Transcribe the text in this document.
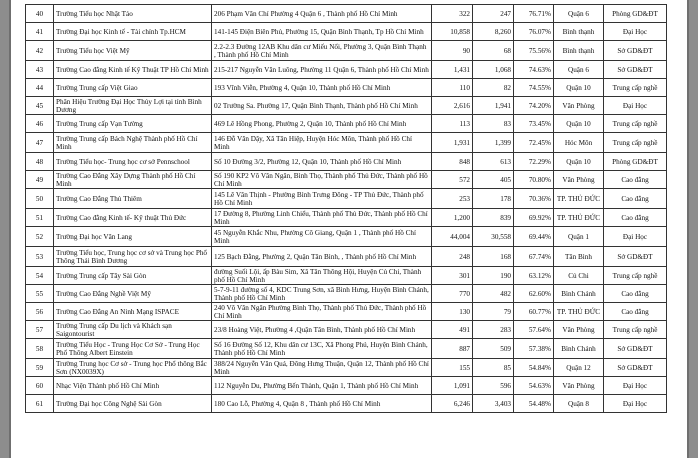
40	Trường Tiểu học Nhật Tảo	206 Phạm Văn Chí Phường 4 Quận 6 , Thành phố Hồ Chí Minh	322	247	76.71%	Quận 6	Phòng GD&ĐT

41	Trường Đại học Kinh tế - Tài chính Tp.HCM	141-145 Điện Biên Phủ, Phường 15, Quận Bình Thạnh, Tp Hồ Chí Minh	10,858	8,260	76.07%	Bình thạnh	Đại Học

42	Trường Tiểu học Việt Mỹ	2.2-2.3 Đường 12AB Khu dân cư Miếu Nổi, Phường 3, Quận Bình Thạnh , Thành phố Hồ Chí Minh	90	68	75.56%	Bình thạnh	Sở GD&ĐT

43	Trường Cao đẳng Kinh tế Kỹ Thuật TP Hồ Chí Minh	215-217 Nguyễn Văn Luông, Phường 11 Quận 6, Thành phố Hồ Chí Minh	1,431	1,068	74.63%	Quận 6	Sở GD&ĐT

44	Trường Trung cấp Việt Giao	193 Vĩnh Viễn, Phường 4, Quận 10, Thành phố Hồ Chí Minh	110	82	74.55%	Quận 10	Trung cấp nghề

45	Phân Hiệu Trường Đại Học Thủy Lợi tại tỉnh Bình Dương	02 Trường Sa. Phường 17, Quận Bình Thạnh, Thành phố Hồ Chí Minh	2,616	1,941	74.20%	Văn Phòng	Đại Học

46	Trường Trung cấp Vạn Tường	469 Lê Hồng Phong, Phường 2, Quận 10, Thành phố Hồ Chí Minh	113	83	73.45%	Quận 10	Trung cấp nghề

47	Trường Trung cấp Bách Nghệ Thành phố Hồ Chí Minh	146 Đỗ Văn Dậy, Xã Tân Hiệp, Huyện Hóc Môn, Thành phố Hồ Chí Minh	1,931	1,399	72.45%	Hóc Môn	Trung cấp nghề

48	Trường Tiểu học- Trung học cơ sở Pennschool	Số 10 Đường 3/2, Phường 12, Quận 10, Thành phố Hồ Chí Minh	848	613	72.29%	Quận 10	Phòng GD&ĐT

49	Trường Cao Đẳng Xây Dựng Thành phố Hồ Chí Minh	Số 190 KP2 Võ Văn Ngân, Bình Thọ, Thành phố Thủ Đức, Thành phố Hồ Chí Minh	572	405	70.80%	Văn Phòng	Cao đẳng

50	Trường Cao Đẳng Thủ Thiêm	145 Lê Văn Thịnh - Phường Bình Trưng Đông - TP Thủ Đức, Thành phố Hồ Chí Minh	253	178	70.36%	TP. THỦ ĐỨC	Cao đẳng

51	Trường Cao đẳng Kinh tế- Kỹ thuật Thủ Đức	17 Đường 8, Phường Linh Chiểu, Thành phố Thủ Đức, Thành phố Hồ Chí Minh	1,200	839	69.92%	TP. THỦ ĐỨC	Cao đẳng

52	Trường Đại học Văn Lang	45 Nguyễn Khắc Nhu, Phường Cô Giang, Quận 1 , Thành phố Hồ Chí Minh	44,004	30,558	69.44%	Quận 1	Đại Học

53	Trường Tiểu học, Trung học cơ sở và Trung học Phổ Thông Thái Bình Dương	125 Bạch Đằng, Phường 2, Quận Tân Bình, , Thành phố Hồ Chí Minh	248	168	67.74%	Tân Bình	Sở GD&ĐT

54	Trường Trung cấp Tây Sài Gòn	đường Suối Lội, ấp Bàu Sim, Xã Tân Thông Hội, Huyện Củ Chi, Thành phố Hồ Chí Minh	301	190	63.12%	Củ Chi	Trung cấp nghề

55	Trường Cao Đẳng Nghề Việt Mỹ	5-7-9-11 đường số 4, KDC Trung Sơn, xã Bình Hưng, Huyện Bình Chánh, Thành phố Hồ Chí Minh	770	482	62.60%	Bình Chánh	Cao đẳng

56	Trường Cao Đẳng An Ninh Mạng ISPACE	240 Võ Văn Ngân Phường Bình Thọ, Thành phố Thủ Đức, Thành phố Hồ Chí Minh	130	79	60.77%	TP. THỦ ĐỨC	Cao đẳng

57	Trường Trung cấp Du lịch và Khách sạn Saigontourist	23/8 Hoàng Việt, Phường 4 ,Quận Tân Bình, Thành phố Hồ Chí Minh	491	283	57.64%	Văn Phòng	Trung cấp nghề

58	Trường Tiểu Học - Trung Học Cơ Sở - Trung Học Phổ Thông Albert Einstein	Số 16 Đường Số 12, Khu dân cư 13C, Xã Phong Phú, Huyện Bình Chánh, Thành phố Hồ Chí Minh	887	509	57.38%	Bình Chánh	Sở GD&ĐT

59	Trường Trung học Cơ sở - Trung học Phổ thông Bắc Sơn (NX0039X)	388/24 Nguyễn Văn Quá, Đông Hưng Thuận, Quận 12, Thành phố Hồ Chí Minh	155	85	54.84%	Quận 12	Sở GD&ĐT

60	Nhạc Viện Thành phố Hồ Chí Minh	112 Nguyễn Du, Phường Bến Thành, Quận 1, Thành phố Hồ Chí Minh	1,091	596	54.63%	Văn Phòng	Đại Học

61	Trường Đại học Công Nghệ Sài Gòn	180 Cao Lỗ, Phường 4, Quận 8 , Thành phố Hồ Chí Minh	6,246	3,403	54.48%	Quận 8	Đại Học
